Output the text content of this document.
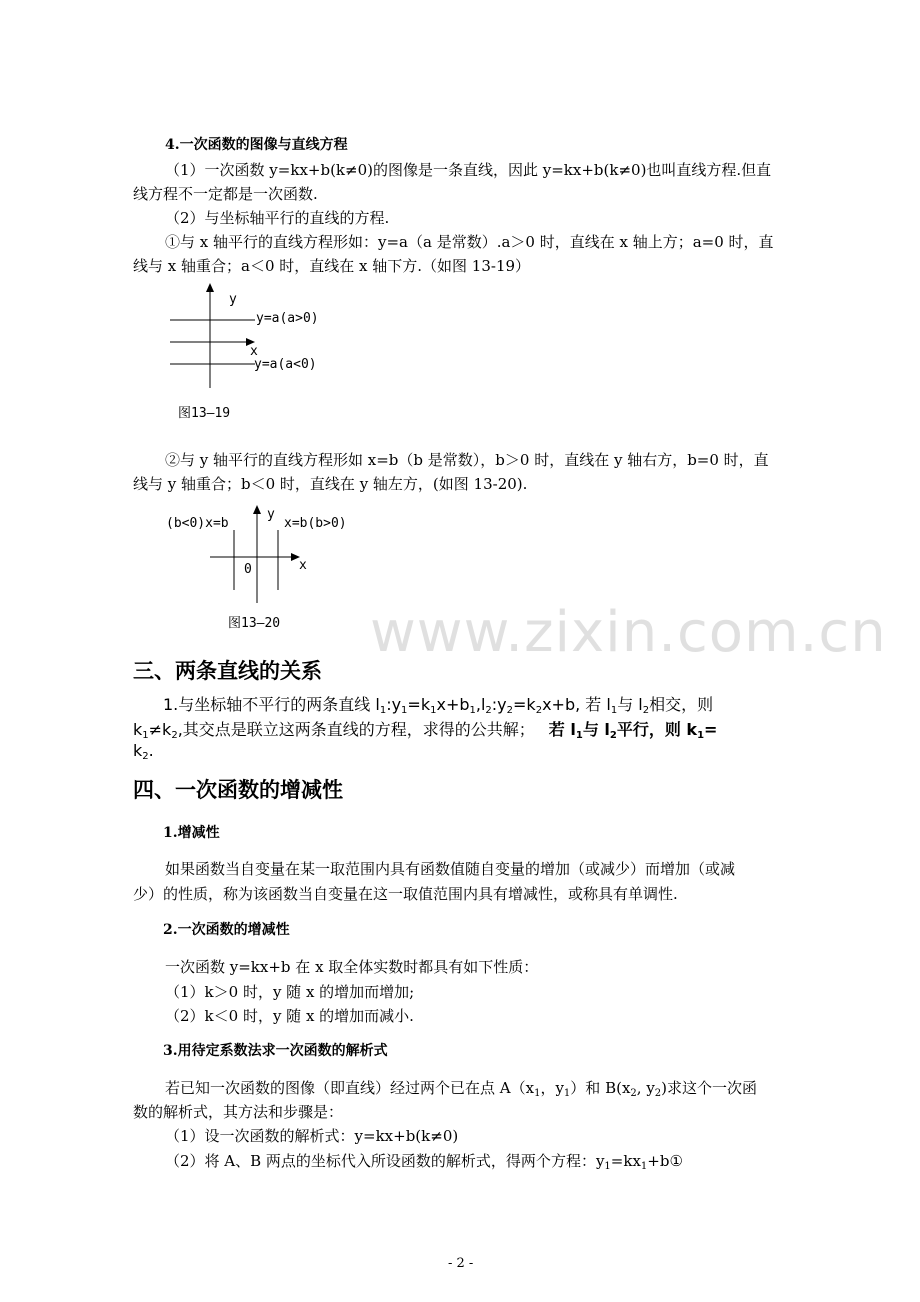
www.zixin.com.cn
4.一次函数的图像与直线方程
（1）一次函数 y=kx+b(k≠0)的图像是一条直线，因此 y=kx+b(k≠0)也叫直线方程.但直
线方程不一定都是一次函数.
（2）与坐标轴平行的直线的方程.
①与 x 轴平行的直线方程形如：y=a（a 是常数）.a＞0 时，直线在 x 轴上方；a=0 时，直
线与 x 轴重合；a＜0 时，直线在 x 轴下方.（如图 13-19）
y
y=a(a>0)
x
y=a(a<0)
图13—19
②与 y 轴平行的直线方程形如 x=b（b 是常数），b＞0 时，直线在 y 轴右方，b=0 时，直
线与 y 轴重合；b＜0 时，直线在 y 轴左方，(如图 13-20).
y
(b<0)x=b	x=b(b>0)
0	x
图13—20
三、两条直线的关系
1.与坐标轴不平行的两条直线 $l_1:y_1=k_1x+b_1,l_2:y_2=k_2x+b$, 若 $l_1$与 $l_2$相交，则
$k_1\ne k_2$,其交点是联立这两条直线的方程，求得的公共解； 若 $l_1$与 $l_2$平行，则 $k_1=$
$k_2$.
四、一次函数的增减性
1.增减性
如果函数当自变量在某一取范围内具有函数值随自变量的增加（或减少）而增加（或减
少）的性质，称为该函数当自变量在这一取值范围内具有增减性，或称具有单调性.
2.一次函数的增减性
一次函数 y=kx+b 在 x 取全体实数时都具有如下性质：
（1）k＞0 时，y 随 x 的增加而增加;
（2）k＜0 时，y 随 x 的增加而减小.
3.用待定系数法求一次函数的解析式
若已知一次函数的图像（即直线）经过两个已在点 $A(x_1$，$y_1$）和 $B(x_2$, $y_2$)求这个一次函
数的解析式，其方法和步骤是：
（1）设一次函数的解析式：y=kx+b(k≠0)
（2）将 A、B 两点的坐标代入所设函数的解析式，得两个方程：$y_1=kx_1+b①$
- 2 -
